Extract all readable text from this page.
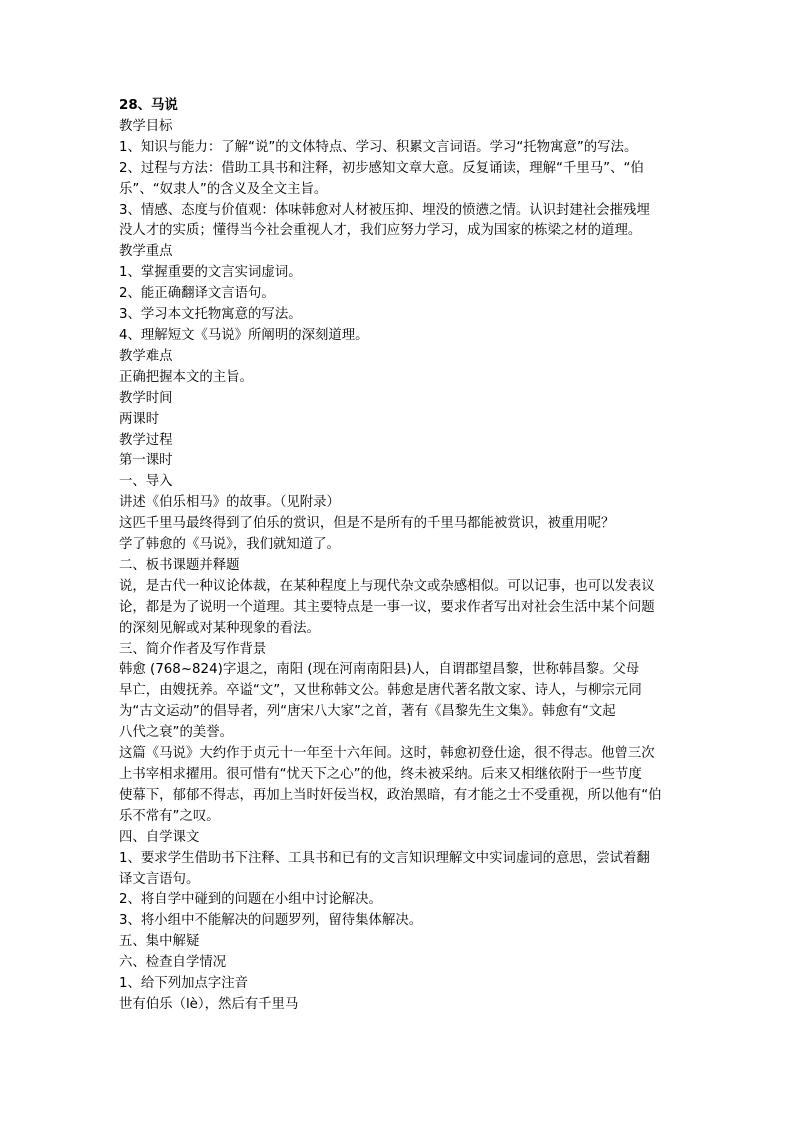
28、马说
教学目标
1、知识与能力：了解“说”的文体特点、学习、积累文言词语。学习“托物寓意”的写法。
2、过程与方法：借助工具书和注释，初步感知文章大意。反复诵读，理解“千里马”、“伯
乐”、“奴隶人”的含义及全文主旨。
3、情感、态度与价值观：体味韩愈对人材被压抑、埋没的愤懑之情。认识封建社会摧残埋
没人才的实质；懂得当今社会重视人才，我们应努力学习，成为国家的栋梁之材的道理。
教学重点
1、掌握重要的文言实词虚词。
2、能正确翻译文言语句。
3、学习本文托物寓意的写法。
4、理解短文《马说》所阐明的深刻道理。
教学难点
正确把握本文的主旨。
教学时间
两课时
教学过程
第一课时
一、导入
讲述《伯乐相马》的故事。（见附录）
这匹千里马最终得到了伯乐的赏识，但是不是所有的千里马都能被赏识，被重用呢？
学了韩愈的《马说》，我们就知道了。
二、板书课题并释题
说，是古代一种议论体裁，在某种程度上与现代杂文或杂感相似。可以记事，也可以发表议
论，都是为了说明一个道理。其主要特点是一事一议，要求作者写出对社会生活中某个问题
的深刻见解或对某种现象的看法。
三、简介作者及写作背景
韩愈 (768~824)字退之，南阳 (现在河南南阳县)人，自谓郡望昌黎，世称韩昌黎。父母
早亡，由嫂抚养。卒谥“文”，又世称韩文公。韩愈是唐代著名散文家、诗人，与柳宗元同
为“古文运动”的倡导者，列“唐宋八大家”之首，著有《昌黎先生文集》。韩愈有“文起
八代之衰”的美誉。
这篇《马说》大约作于贞元十一年至十六年间。这时，韩愈初登仕途，很不得志。他曾三次
上书宰相求擢用。很可惜有“忧天下之心”的他，终未被采纳。后来又相继依附于一些节度
使幕下，郁郁不得志，再加上当时奸佞当权，政治黑暗，有才能之士不受重视，所以他有“伯
乐不常有”之叹。
四、自学课文
1、要求学生借助书下注释、工具书和已有的文言知识理解文中实词虚词的意思，尝试着翻
译文言语句。
2、将自学中碰到的问题在小组中讨论解决。
3、将小组中不能解决的问题罗列，留待集体解决。
五、集中解疑
六、检查自学情况
1、给下列加点字注音
世有伯乐（lè），然后有千里马
